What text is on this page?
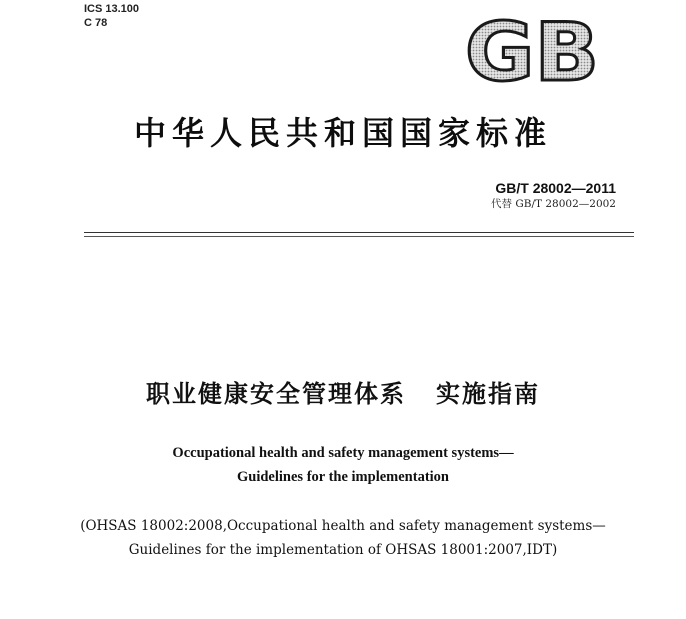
ICS 13.100
C 78	GB
中华人民共和国国家标准
GB/T 28002—2011
代替 GB/T 28002—2002
职业健康安全管理体系 实施指南
Occupational health and safety management systems—
Guidelines for the implementation
(OHSAS 18002:2008,Occupational health and safety management systems—
Guidelines for the implementation of OHSAS 18001:2007,IDT)
